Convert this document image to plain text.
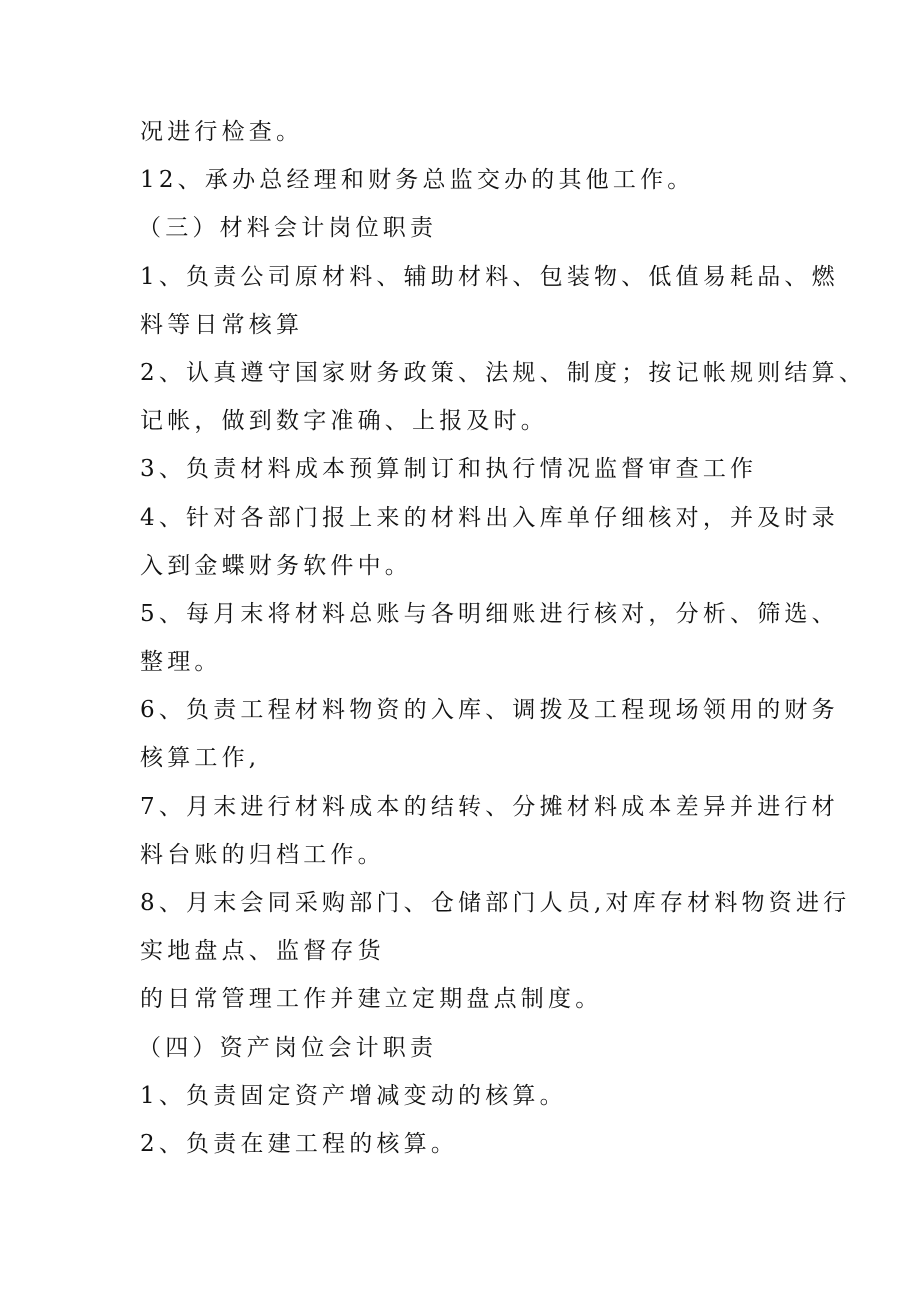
况进行检查。
12、承办总经理和财务总监交办的其他工作。
（三）材料会计岗位职责
1、负责公司原材料、辅助材料、包装物、低值易耗品、燃
料等日常核算
2、认真遵守国家财务政策、法规、制度；按记帐规则结算、
记帐，做到数字准确、上报及时。
3、负责材料成本预算制订和执行情况监督审查工作
4、针对各部门报上来的材料出入库单仔细核对，并及时录
入到金蝶财务软件中。
5、每月末将材料总账与各明细账进行核对，分析、筛选、
整理。
6、负责工程材料物资的入库、调拨及工程现场领用的财务
核算工作,
7、月末进行材料成本的结转、分摊材料成本差异并进行材
料台账的归档工作。
8、月末会同采购部门、仓储部门人员,对库存材料物资进行
实地盘点、监督存货
的日常管理工作并建立定期盘点制度。
（四）资产岗位会计职责
1、负责固定资产增减变动的核算。
2、负责在建工程的核算。
